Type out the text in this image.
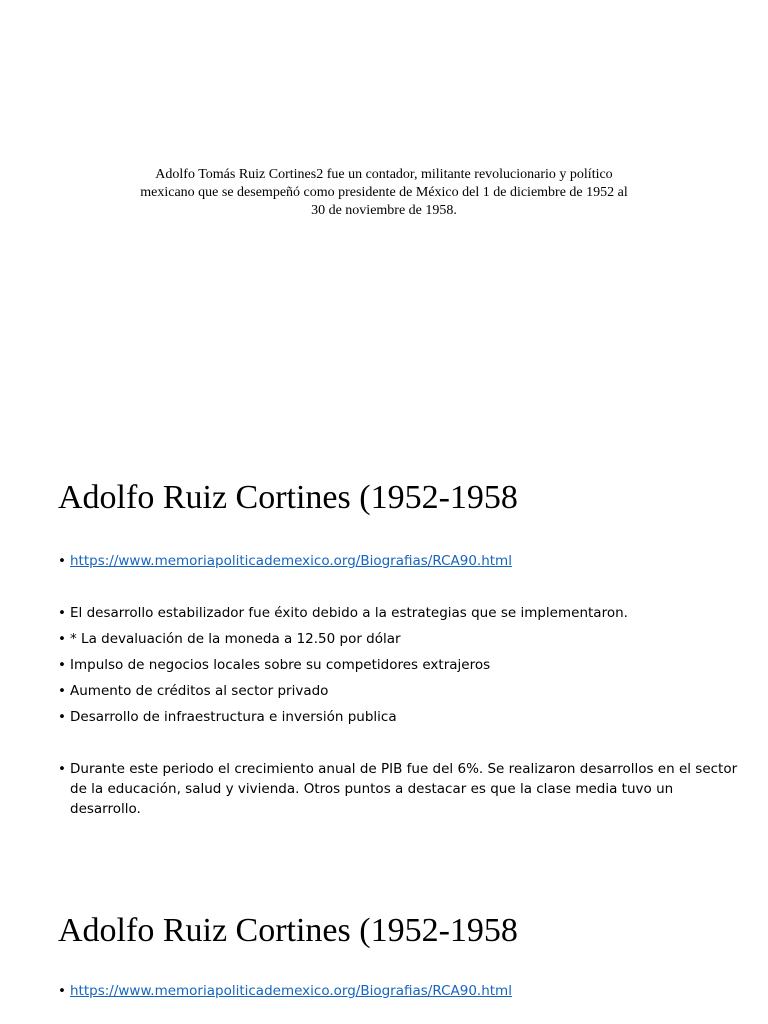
Adolfo Tomás Ruiz Cortines2 fue un contador, militante revolucionario y político
mexicano que se desempeñó como presidente de México del 1 de diciembre de 1952 al
30 de noviembre de 1958.
Adolfo Ruiz Cortines (1952-1958
• https://www.memoriapoliticademexico.org/Biografias/RCA90.html
• El desarrollo estabilizador fue éxito debido a la estrategias que se implementaron.
• * La devaluación de la moneda a 12.50 por dólar
• Impulso de negocios locales sobre su competidores extrajeros
• Aumento de créditos al sector privado
• Desarrollo de infraestructura e inversión publica
• Durante este periodo el crecimiento anual de PIB fue del 6%. Se realizaron desarrollos en el sector de la educación, salud y vivienda. Otros puntos a destacar es que la clase media tuvo un desarrollo.
Adolfo Ruiz Cortines (1952-1958
• https://www.memoriapoliticademexico.org/Biografias/RCA90.html
